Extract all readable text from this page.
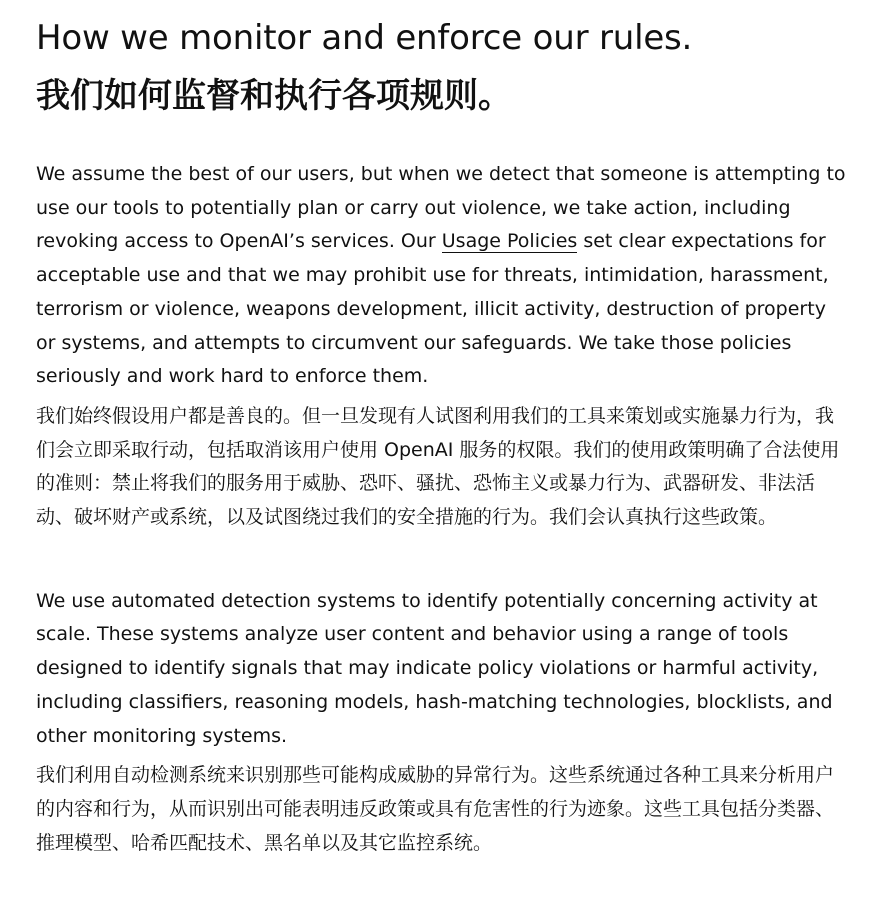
How we monitor and enforce our rules.
我们如何监督和执行各项规则。

We assume the best of our users, but when we detect that someone is attempting to use our tools to potentially plan or carry out violence, we take action, including revoking access to OpenAI’s services. Our Usage Policies set clear expectations for acceptable use and that we may prohibit use for threats, intimidation, harassment, terrorism or violence, weapons development, illicit activity, destruction of property or systems, and attempts to circumvent our safeguards. We take those policies seriously and work hard to enforce them.

我们始终假设用户都是善良的。但一旦发现有人试图利用我们的工具来策划或实施暴力行为，我们会立即采取行动，包括取消该用户使用 OpenAI 服务的权限。我们的使用政策明确了合法使用的准则：禁止将我们的服务用于威胁、恐吓、骚扰、恐怖主义或暴力行为、武器研发、非法活动、破坏财产或系统，以及试图绕过我们的安全措施的行为。我们会认真执行这些政策。

We use automated detection systems to identify potentially concerning activity at scale. These systems analyze user content and behavior using a range of tools designed to identify signals that may indicate policy violations or harmful activity, including classifiers, reasoning models, hash-matching technologies, blocklists, and other monitoring systems.

我们利用自动检测系统来识别那些可能构成威胁的异常行为。这些系统通过各种工具来分析用户的内容和行为，从而识别出可能表明违反政策或具有危害性的行为迹象。这些工具包括分类器、推理模型、哈希匹配技术、黑名单以及其它监控系统。
